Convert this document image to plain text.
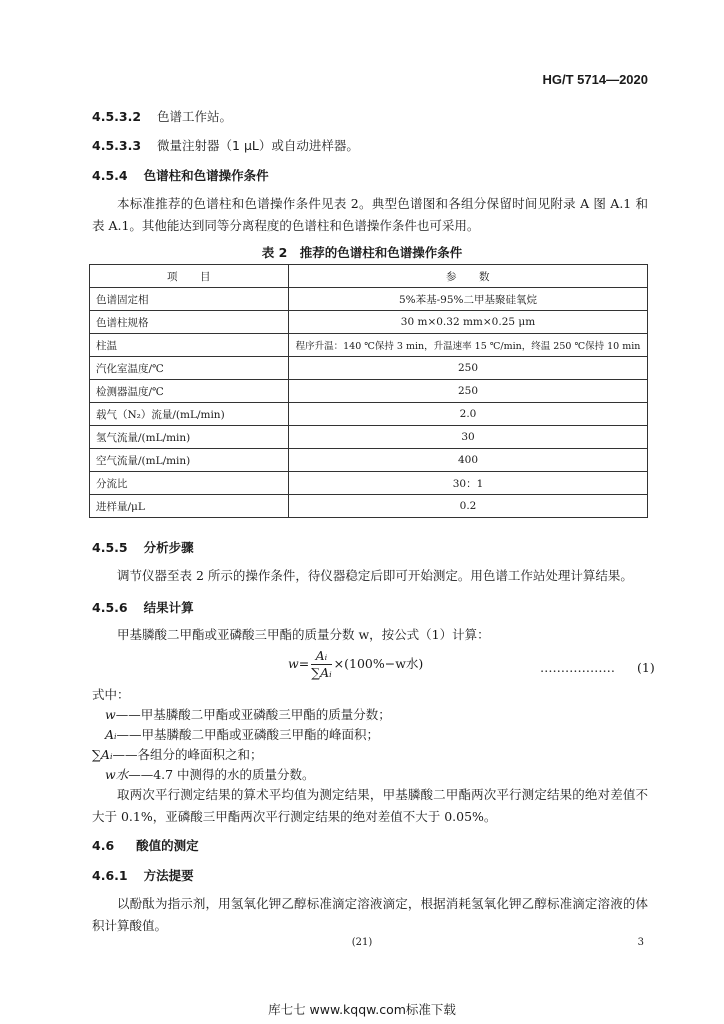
HG/T 5714—2020
4.5.3.2 色谱工作站。
4.5.3.3 微量注射器（1 μL）或自动进样器。
4.5.4 色谱柱和色谱操作条件
本标准推荐的色谱柱和色谱操作条件见表 2。典型色谱图和各组分保留时间见附录 A 图 A.1 和表 A.1。其他能达到同等分离程度的色谱柱和色谱操作条件也可采用。
表 2　推荐的色谱柱和色谱操作条件
项　　目	参　　数
色谱固定相	5%苯基-95%二甲基聚硅氧烷
色谱柱规格	30 m×0.32 mm×0.25 μm
柱温	程序升温：140 ℃保持 3 min，升温速率 15 ℃/min，终温 250 ℃保持 10 min
汽化室温度/℃	250
检测器温度/℃	250
载气（N₂）流量/(mL/min)	2.0
氢气流量/(mL/min)	30
空气流量/(mL/min)	400
分流比	30：1
进样量/μL	0.2
4.5.5 分析步骤
调节仪器至表 2 所示的操作条件，待仪器稳定后即可开始测定。用色谱工作站处理计算结果。
4.5.6 结果计算
甲基膦酸二甲酯或亚磷酸三甲酯的质量分数 w，按公式（1）计算：
$w= \frac{\text{Aᵢ}}{\text{∑Aᵢ}} \times(100\%-w$水)	……………… (1)
式中：
w——甲基膦酸二甲酯或亚磷酸三甲酯的质量分数；
Aᵢ——甲基膦酸二甲酯或亚磷酸三甲酯的峰面积；
∑Aᵢ——各组分的峰面积之和；
w水——4.7 中测得的水的质量分数。
取两次平行测定结果的算术平均值为测定结果，甲基膦酸二甲酯两次平行测定结果的绝对差值不大于 0.1%，亚磷酸三甲酯两次平行测定结果的绝对差值不大于 0.05%。
4.6 酸值的测定
4.6.1 方法提要
以酚酞为指示剂，用氢氧化钾乙醇标准滴定溶液滴定，根据消耗氢氧化钾乙醇标准滴定溶液的体积计算酸值。
(21)	3
库七七 www.kqqw.com标准下载
